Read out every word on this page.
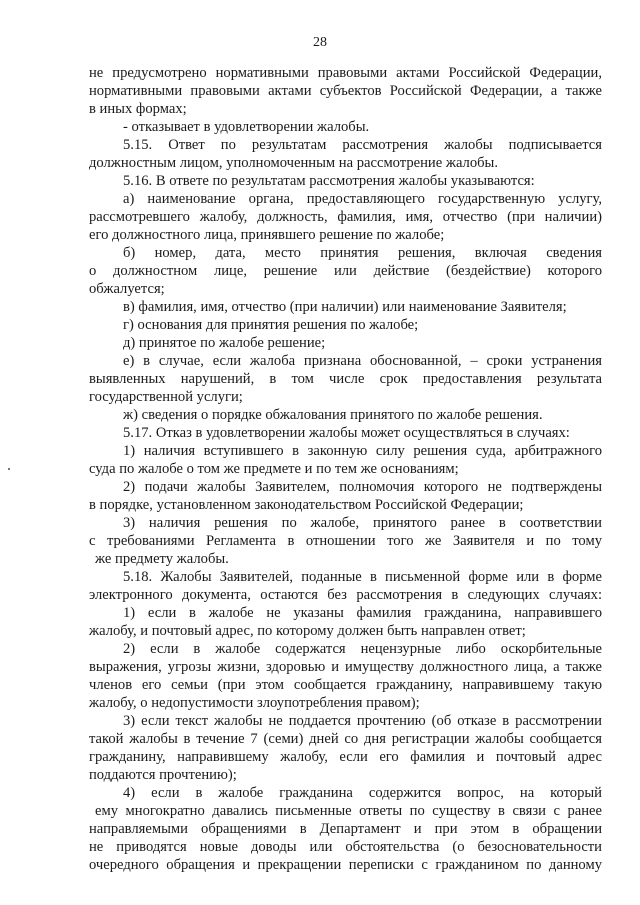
28
не предусмотрено нормативными правовыми актами Российской Федерации,
нормативными правовыми актами субъектов Российской Федерации, а также
в иных формах;
- отказывает в удовлетворении жалобы.
5.15. Ответ по результатам рассмотрения жалобы подписывается
должностным лицом, уполномоченным на рассмотрение жалобы.
5.16. В ответе по результатам рассмотрения жалобы указываются:
а) наименование органа, предоставляющего государственную услугу,
рассмотревшего жалобу, должность, фамилия, имя, отчество (при наличии)
его должностного лица, принявшего решение по жалобе;
б) номер, дата, место принятия решения, включая сведения
о должностном лице, решение или действие (бездействие) которого
обжалуется;
в) фамилия, имя, отчество (при наличии) или наименование Заявителя;
г) основания для принятия решения по жалобе;
д) принятое по жалобе решение;
е) в случае, если жалоба признана обоснованной, – сроки устранения
выявленных нарушений, в том числе срок предоставления результата
государственной услуги;
ж) сведения о порядке обжалования принятого по жалобе решения.
5.17. Отказ в удовлетворении жалобы может осуществляться в случаях:
1) наличия вступившего в законную силу решения суда, арбитражного
суда по жалобе о том же предмете и по тем же основаниям;
2) подачи жалобы Заявителем, полномочия которого не подтверждены
в порядке, установленном законодательством Российской Федерации;
3) наличия решения по жалобе, принятого ранее в соответствии
с требованиями Регламента в отношении того же Заявителя и по тому
же предмету жалобы.
5.18. Жалобы Заявителей, поданные в письменной форме или в форме
электронного документа, остаются без рассмотрения в следующих случаях:
1) если в жалобе не указаны фамилия гражданина, направившего
жалобу, и почтовый адрес, по которому должен быть направлен ответ;
2) если в жалобе содержатся нецензурные либо оскорбительные
выражения, угрозы жизни, здоровью и имуществу должностного лица, а также
членов его семьи (при этом сообщается гражданину, направившему такую
жалобу, о недопустимости злоупотребления правом);
3) если текст жалобы не поддается прочтению (об отказе в рассмотрении
такой жалобы в течение 7 (семи) дней со дня регистрации жалобы сообщается
гражданину, направившему жалобу, если его фамилия и почтовый адрес
поддаются прочтению);
4) если в жалобе гражданина содержится вопрос, на который
ему многократно давались письменные ответы по существу в связи с ранее
направляемыми обращениями в Департамент и при этом в обращении
не приводятся новые доводы или обстоятельства (о безосновательности
очередного обращения и прекращении переписки с гражданином по данному
